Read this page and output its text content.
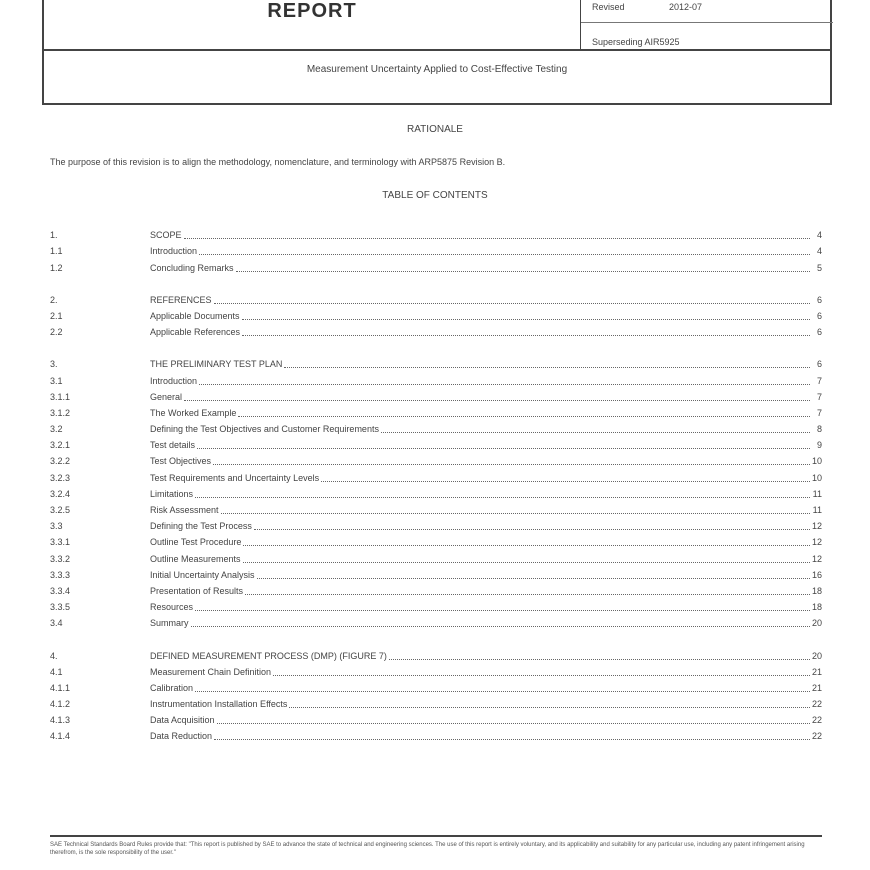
REPORT	Revised	2012-07
Superseding AIR5925
Measurement Uncertainty Applied to Cost-Effective Testing
RATIONALE
The purpose of this revision is to align the methodology, nomenclature, and terminology with ARP5875 Revision B.
TABLE OF CONTENTS
1.	SCOPE	4
1.1	Introduction	4
1.2	Concluding Remarks	5
2.	REFERENCES	6
2.1	Applicable Documents	6
2.2	Applicable References	6
3.	THE PRELIMINARY TEST PLAN	6
3.1	Introduction	7
3.1.1	General	7
3.1.2	The Worked Example	7
3.2	Defining the Test Objectives and Customer Requirements	8
3.2.1	Test details	9
3.2.2	Test Objectives	10
3.2.3	Test Requirements and Uncertainty Levels	10
3.2.4	Limitations	11
3.2.5	Risk Assessment	11
3.3	Defining the Test Process	12
3.3.1	Outline Test Procedure	12
3.3.2	Outline Measurements	12
3.3.3	Initial Uncertainty Analysis	16
3.3.4	Presentation of Results	18
3.3.5	Resources	18
3.4	Summary	20
4.	DEFINED MEASUREMENT PROCESS (DMP) (FIGURE 7)	20
4.1	Measurement Chain Definition	21
4.1.1	Calibration	21
4.1.2	Instrumentation Installation Effects	22
4.1.3	Data Acquisition	22
4.1.4	Data Reduction	22
SAE Technical Standards Board Rules provide that: "This report is published by SAE to advance the state of technical and engineering sciences. The use of this report is entirely voluntary, and its applicability and suitability for any particular use, including any patent infringement arising therefrom, is the sole responsibility of the user."
